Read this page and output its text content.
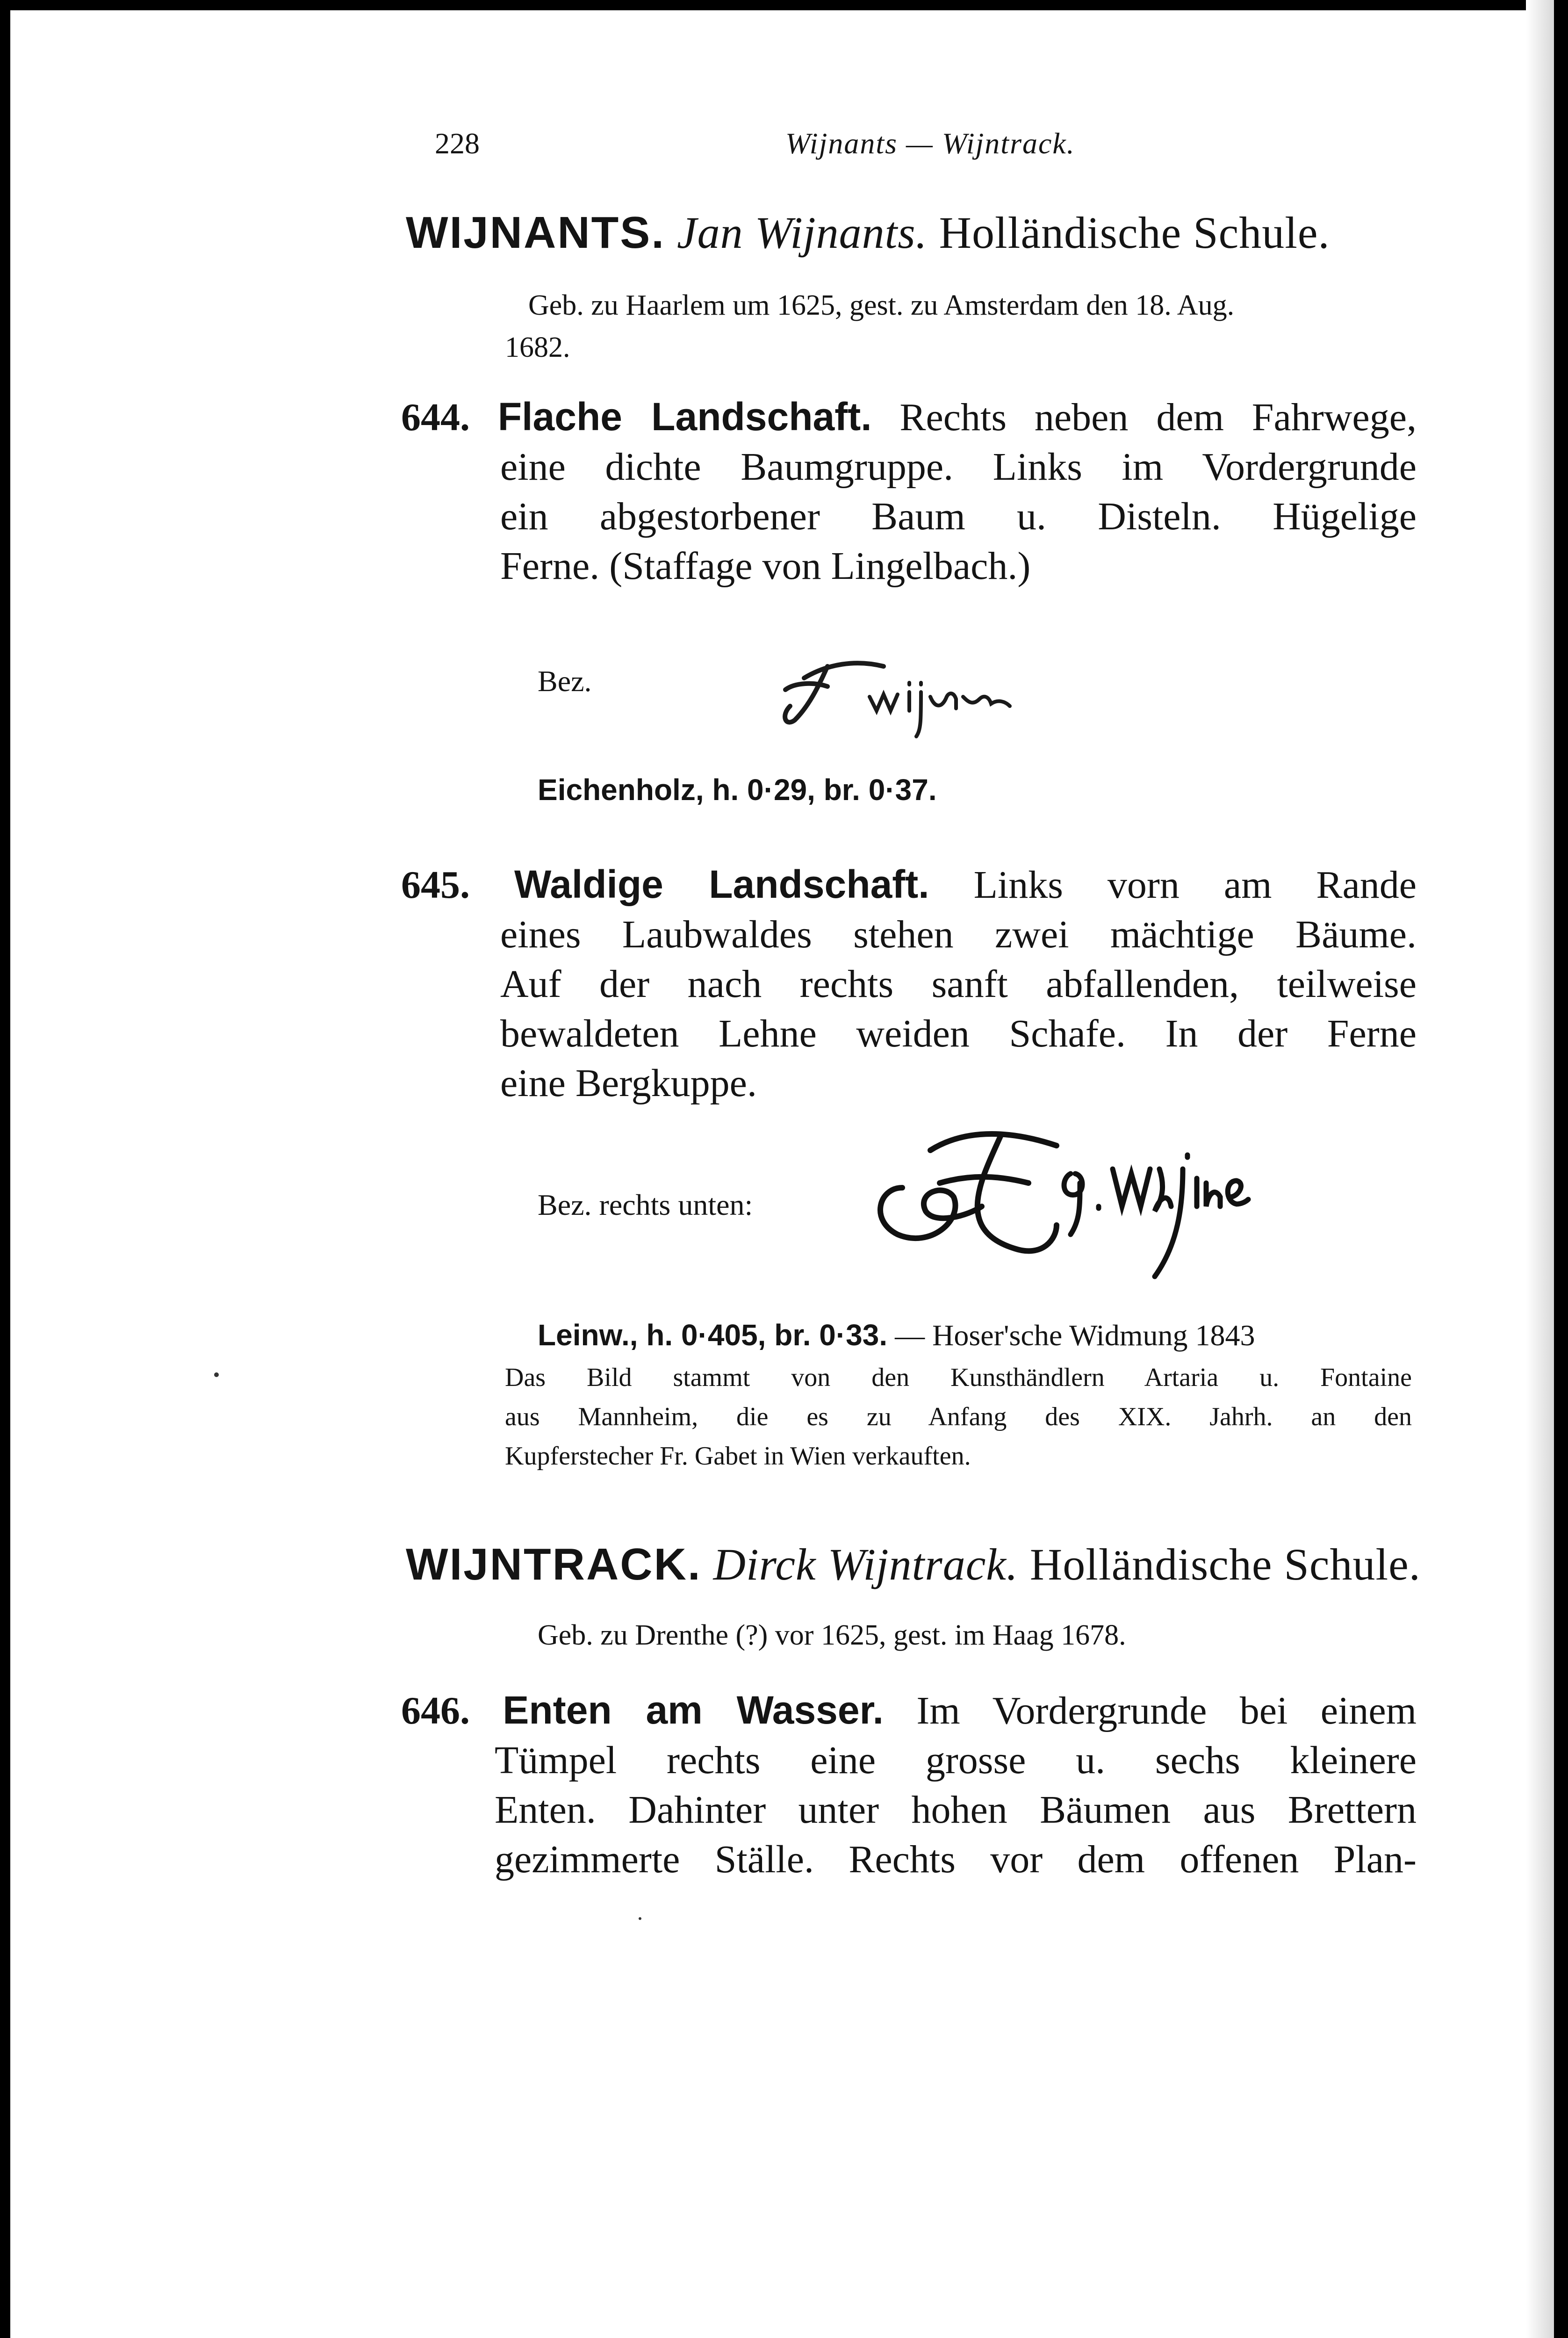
228	Wijnants — Wijntrack.
WIJNANTS. Jan Wijnants. Holländische Schule.
Geb. zu Haarlem um 1625, gest. zu Amsterdam den 18. Aug.
1682.
644. Flache Landschaft. Rechts neben dem Fahrwege,
eine dichte Baumgruppe. Links im Vordergrunde
ein abgestorbener Baum u. Disteln. Hügelige
Ferne. (Staffage von Lingelbach.)
Bez.
Eichenholz, h. 0·29, br. 0·37.
645. Waldige Landschaft. Links vorn am Rande
eines Laubwaldes stehen zwei mächtige Bäume.
Auf der nach rechts sanft abfallenden, teilweise
bewaldeten Lehne weiden Schafe. In der Ferne
eine Bergkuppe.
Bez. rechts unten:
Leinw., h. 0·405, br. 0·33. — Hoser'sche Widmung 1843
Das Bild stammt von den Kunsthändlern Artaria u. Fontaine
aus Mannheim, die es zu Anfang des XIX. Jahrh. an den
Kupferstecher Fr. Gabet in Wien verkauften.
WIJNTRACK. Dirck Wijntrack. Holländische Schule.
Geb. zu Drenthe (?) vor 1625, gest. im Haag 1678.
646. Enten am Wasser. Im Vordergrunde bei einem
Tümpel rechts eine grosse u. sechs kleinere
Enten. Dahinter unter hohen Bäumen aus Brettern
gezimmerte Ställe. Rechts vor dem offenen Plan-
